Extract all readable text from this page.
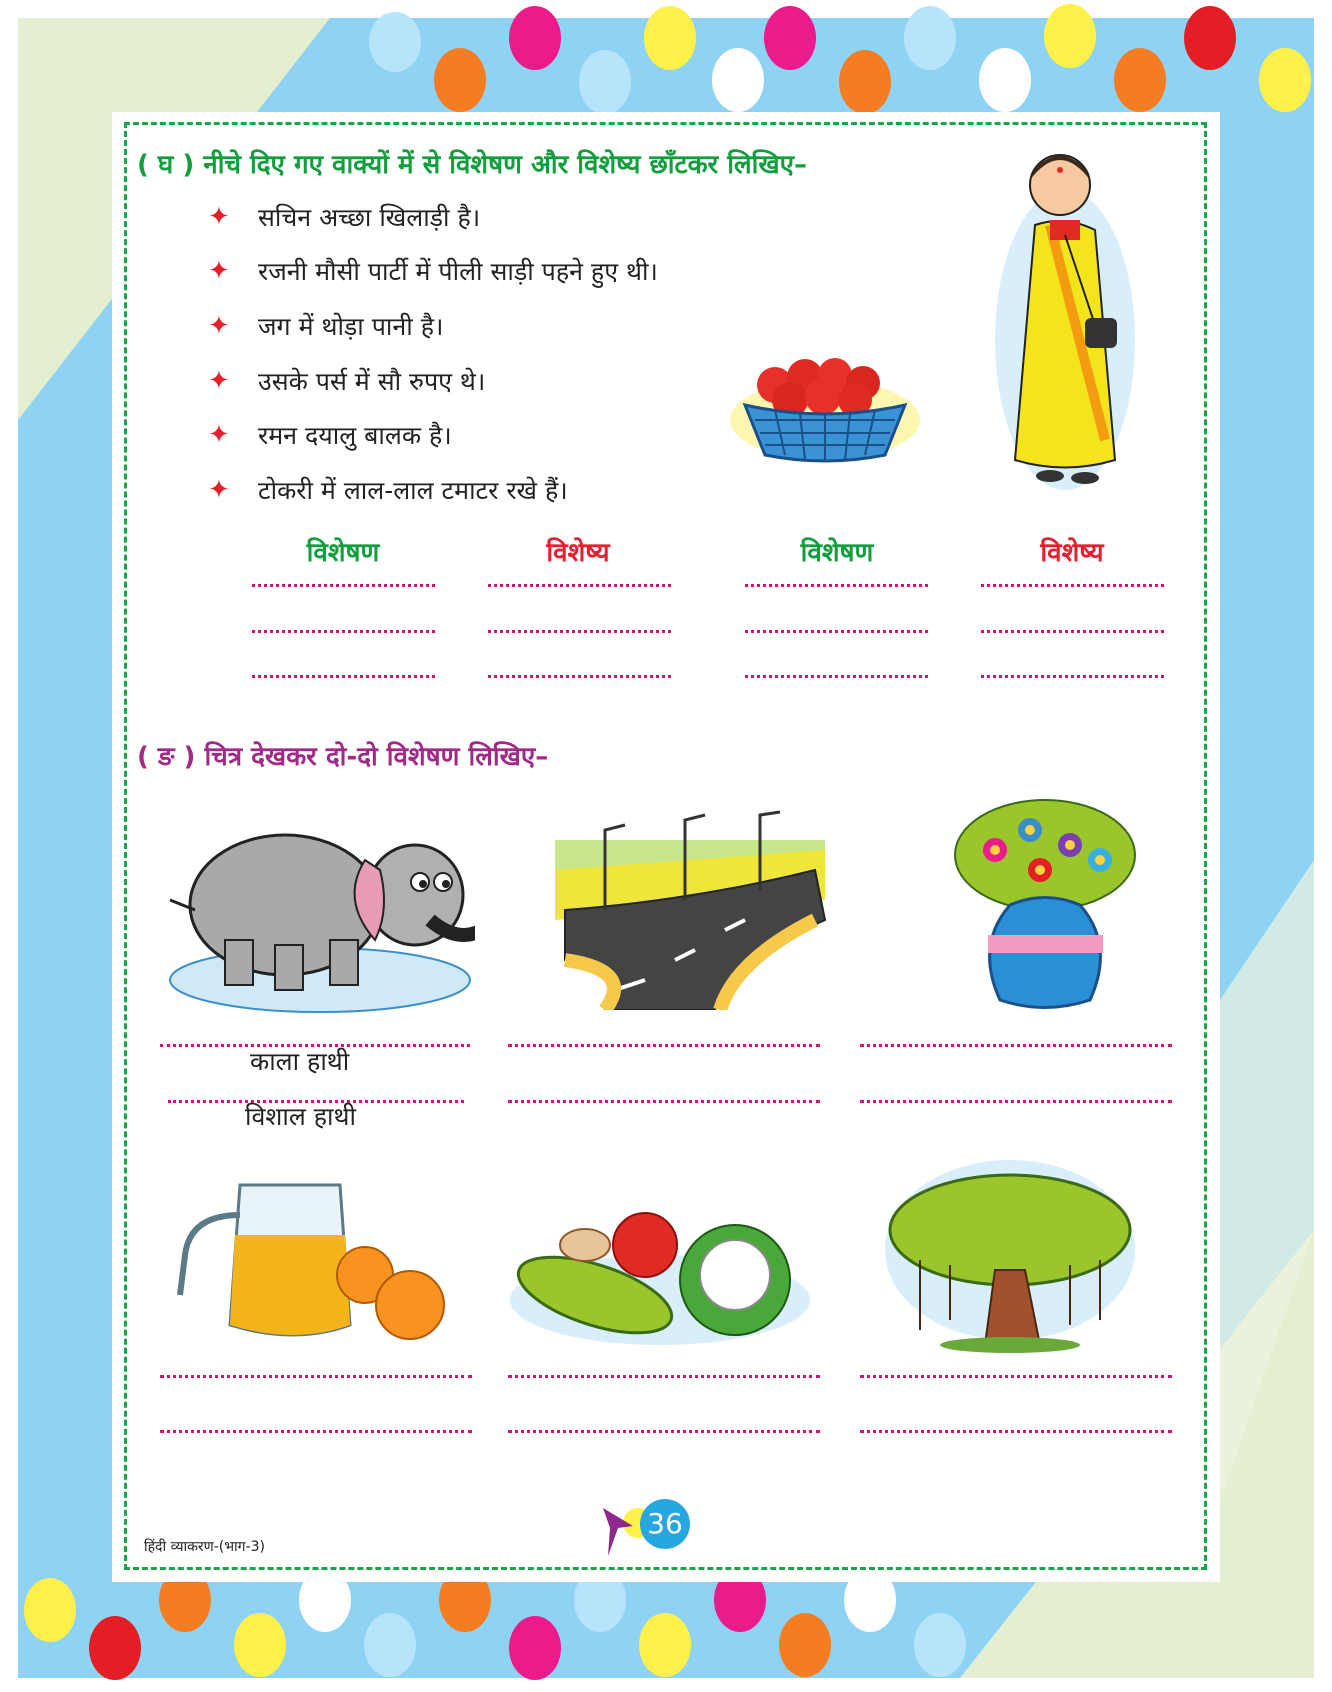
( घ ) नीचे दिए गए वाक्यों में से विशेषण और विशेष्य छाँटकर लिखिए–
✦	सचिन अच्छा खिलाड़ी है।
✦	रजनी मौसी पार्टी में पीली साड़ी पहने हुए थी।
✦	जग में थोड़ा पानी है।
✦	उसके पर्स में सौ रुपए थे।
✦	रमन दयालु बालक है।
✦	टोकरी में लाल-लाल टमाटर रखे हैं।
विशेषण	विशेष्य	विशेषण	विशेष्य
( ङ ) चित्र देखकर दो-दो विशेषण लिखिए–
काला हाथी
विशाल हाथी
हिंदी व्याकरण-(भाग-3)
36
